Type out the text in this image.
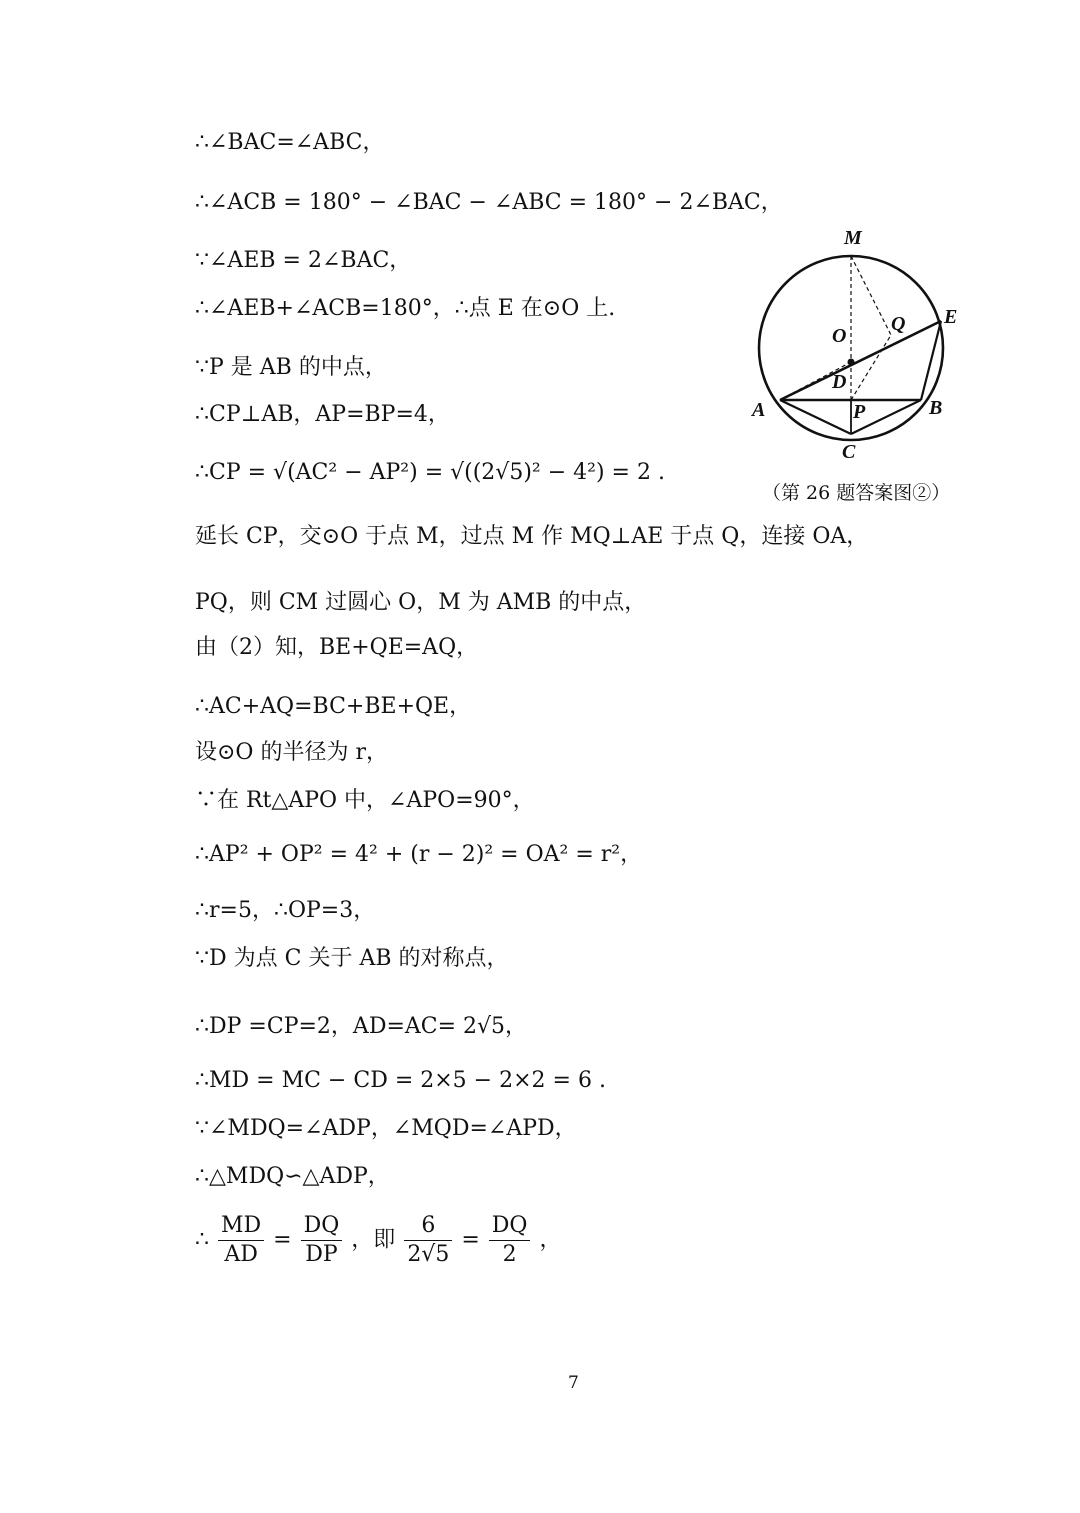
∴∠BAC=∠ABC，
∴∠ACB = 180° − ∠BAC − ∠ABC = 180° − 2∠BAC，
∵∠AEB = 2∠BAC，
∴∠AEB+∠ACB=180°，∴点 E 在⊙O 上.
∵P 是 AB 的中点，
∴CP⊥AB，AP=BP=4，
∴CP = √(AC² − AP²) = √((2√5)² − 4²) = 2 .
延长 CP，交⊙O 于点 M，过点 M 作 MQ⊥AE 于点 Q，连接 OA，
PQ，则 CM 过圆心 O，M 为 AMB 的中点，
由（2）知，BE+QE=AQ，
∴AC+AQ=BC+BE+QE，
设⊙O 的半径为 r，
∵在 Rt△APO 中，∠APO=90°，
∴AP² + OP² = 4² + (r − 2)² = OA² = r²，
∴r=5，∴OP=3，
∵D 为点 C 关于 AB 的对称点，
∴DP =CP=2，AD=AC= 2√5，
∴MD = MC − CD = 2×5 − 2×2 = 6 .
∵∠MDQ=∠ADP，∠MQD=∠APD，
∴△MDQ∽△ADP，
∴ $\frac{MD}{AD} = \frac{DQ}{DP}$ ，即 $\frac{6}{2√5} = \frac{DQ}{2}$ ，
M
O
Q E
D
A	P	B
C
（第 26 题答案图②）
7
